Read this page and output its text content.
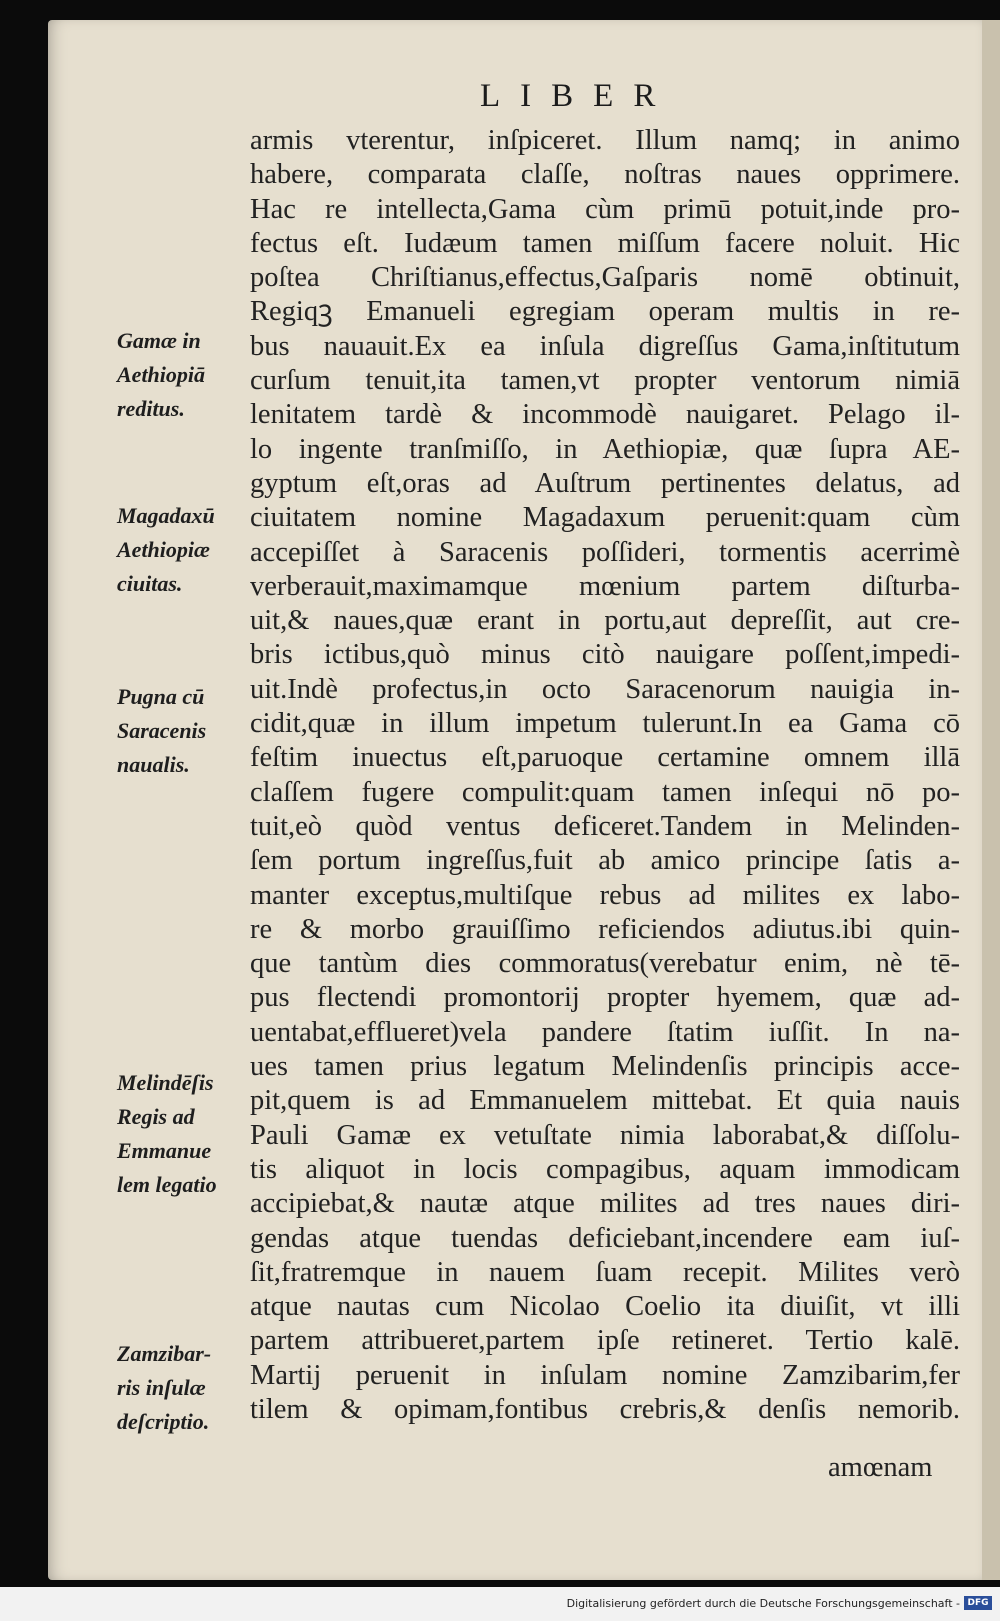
LIBER
armis vterentur, inſpiceret. Illum namq; in animo
habere, comparata claſſe, noſtras naues opprimere.
Hac re intellecta,Gama cùm primū potuit,inde pro-
fectus eſt. Iudæum tamen miſſum facere noluit. Hic
poſtea Chriſtianus,effectus,Gaſparis nomē obtinuit,
Regiqꝫ Emanueli egregiam operam multis in re-
bus nauauit.Ex ea inſula digreſſus Gama,inſtitutum
curſum tenuit,ita tamen,vt propter ventorum nimiā
lenitatem tardè & incommodè nauigaret. Pelago il-
lo ingente tranſmiſſo, in Aethiopiæ, quæ ſupra AE-
gyptum eſt,oras ad Auſtrum pertinentes delatus, ad
ciuitatem nomine Magadaxum peruenit:quam cùm
accepiſſet à Saracenis poſſideri, tormentis acerrimè
verberauit,maximamque mœnium partem diſturba-
uit,& naues,quæ erant in portu,aut depreſſit, aut cre-
bris ictibus,quò minus citò nauigare poſſent,impedi-
uit.Indè profectus,in octo Saracenorum nauigia in-
cidit,quæ in illum impetum tulerunt.In ea Gama cō
feſtim inuectus eſt,paruoque certamine omnem illā
claſſem fugere compulit:quam tamen inſequi nō po-
tuit,eò quòd ventus deficeret.Tandem in Melinden-
ſem portum ingreſſus,fuit ab amico principe ſatis a-
manter exceptus,multiſque rebus ad milites ex labo-
re & morbo grauiſſimo reficiendos adiutus.ibi quin-
que tantùm dies commoratus(verebatur enim, nè tē-
pus flectendi promontorij propter hyemem, quæ ad-
uentabat,efflueret)vela pandere ſtatim iuſſit. In na-
ues tamen prius legatum Melindenſis principis acce-
pit,quem is ad Emmanuelem mittebat. Et quia nauis
Pauli Gamæ ex vetuſtate nimia laborabat,& diſſolu-
tis aliquot in locis compagibus, aquam immodicam
accipiebat,& nautæ atque milites ad tres naues diri-
gendas atque tuendas deficiebant,incendere eam iuſ-
ſit,fratremque in nauem ſuam recepit. Milites verò
atque nautas cum Nicolao Coelio ita diuiſit, vt illi
partem attribueret,partem ipſe retineret. Tertio kalē.
Martij peruenit in inſulam nomine Zamzibarim,fer
tilem & opimam,fontibus crebris,& denſis nemorib.
amœnam
Gamæ in
Aethiopiā
reditus.
Magadaxū
Aethiopiæ
ciuitas.
Pugna cū
Saracenis
naualis.
Melindēſis
Regis ad
Emmanue
lem legatio
Zamzibar-
ris inſulæ
deſcriptio.
Digitalisierung gefördert durch die Deutsche Forschungsgemeinschaft - DFG
